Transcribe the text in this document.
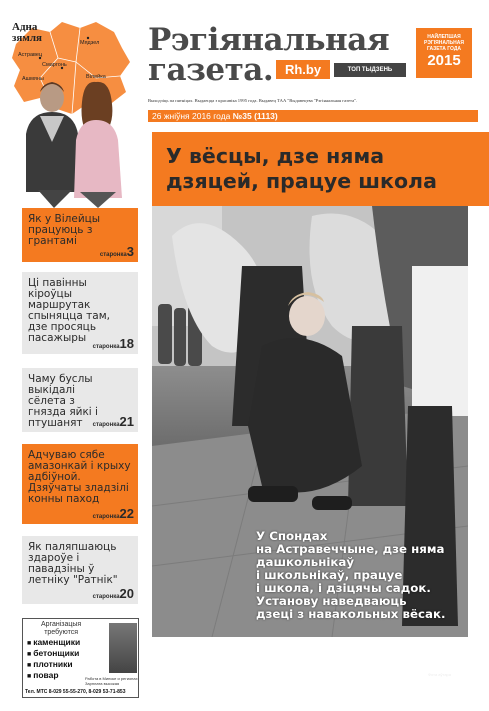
Астравец
Мядзел
Смаргонь
Ашмяны	Вілейка
Адна
зямля	Рэгіянальная
газета. Rh.by	ТОП ТЫДЗЕНЬ
НАЙЛЕПШАЯ РЭГІЯНАЛЬНАЯ ГАЗЕТА ГОДА
2015
Выходзіць па пятніцах. Выдаецца з красавіка 1995 года. Выдавец ТАА "Выдавецтва "Рэгіянальная газета".
26 жніўня 2016 года №35 (1113)
У вёсцы, дзе няма
дзяцей, працуе школа
Як у Вілейцы працуюць з грантамі
старонка3
Ці павінны кіроўцы маршрутак спыняцца там, дзе просяць пасажыры
старонка18
Чаму буслы выкідалі сёлета з гнязда яйкі і птушанят	старонка21
Адчуваю сябе амазонкай і крыху адбіўной. Дзяўчаты зладзілі конны паход
старонка22
Як паляпшаюць здароўе і павадзіны ў летніку "Ратнік"
старонка20
У Спондах
на Астравеччыне, дзе няма
дашкольнікаў
і школьнікаў, працуе
і школа, і дзіцячы садок.
Установу наведваюць
дзеці з навакольных вёсак.
старонка 2
Фота аўтара
Арганізацыя
требуются
■ каменщики
■ бетонщики
■ плотники
■ повар	Работа в Минске и регионах
Зарплата высокая
Тел. МТС 8-029 55-55-270, 8-029 53-71-853
